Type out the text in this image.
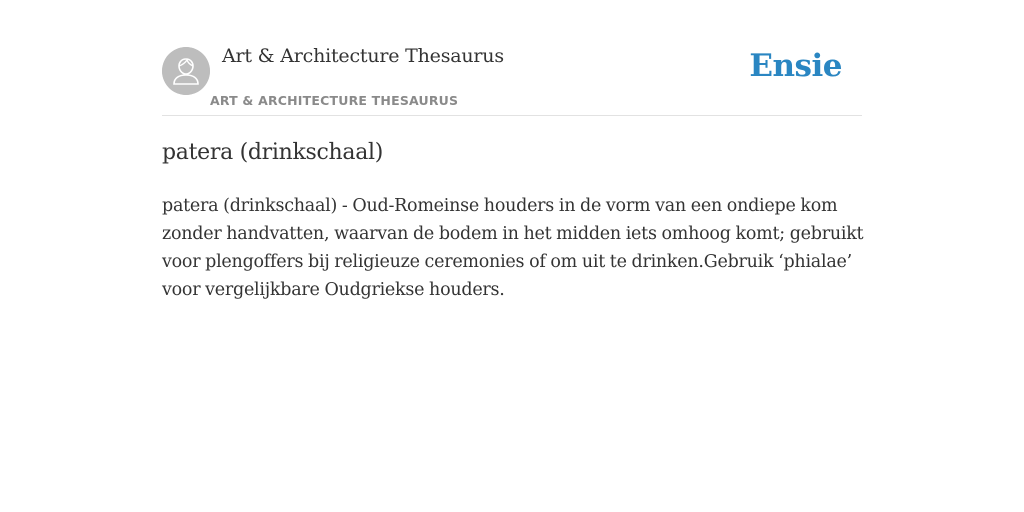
Art & Architecture Thesaurus
ART & ARCHITECTURE THESAURUS
Ensie
patera (drinkschaal)

patera (drinkschaal) - Oud-Romeinse houders in de vorm van een ondiepe kom zonder handvatten, waarvan de bodem in het midden iets omhoog komt; gebruikt voor plengoffers bij religieuze ceremonies of om uit te drinken.Gebruik ‘phialae’ voor vergelijkbare Oudgriekse houders.
